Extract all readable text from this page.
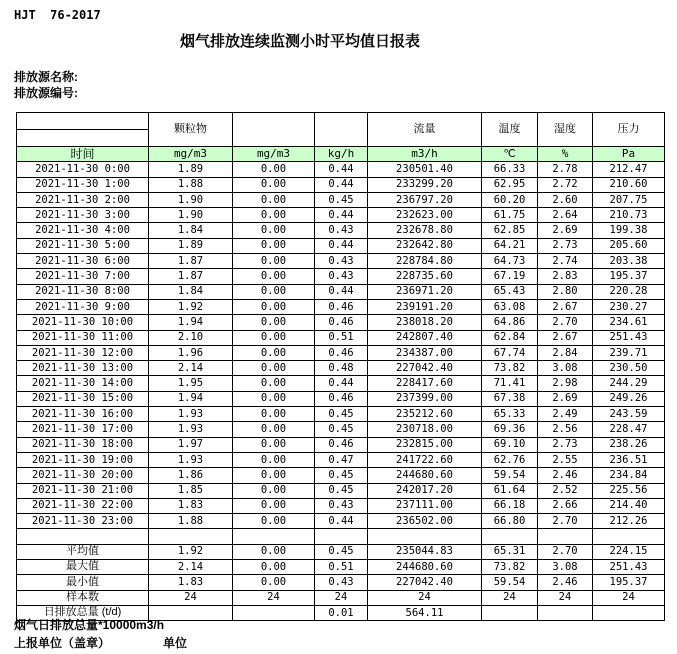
HJT  76-2017
烟气排放连续监测小时平均值日报表
排放源名称:
排放源编号:
	颗粒物			流量	温度	湿度	压力
时间	mg/m3	mg/m3	kg/h	m3/h	℃	%	Pa
2021-11-30 0:00	1.89	0.00	0.44	230501.40	66.33	2.78	212.47
2021-11-30 1:00	1.88	0.00	0.44	233299.20	62.95	2.72	210.60
2021-11-30 2:00	1.90	0.00	0.45	236797.20	60.20	2.60	207.75
2021-11-30 3:00	1.90	0.00	0.44	232623.00	61.75	2.64	210.73
2021-11-30 4:00	1.84	0.00	0.43	232678.80	62.85	2.69	199.38
2021-11-30 5:00	1.89	0.00	0.44	232642.80	64.21	2.73	205.60
2021-11-30 6:00	1.87	0.00	0.43	228784.80	64.73	2.74	203.38
2021-11-30 7:00	1.87	0.00	0.43	228735.60	67.19	2.83	195.37
2021-11-30 8:00	1.84	0.00	0.44	236971.20	65.43	2.80	220.28
2021-11-30 9:00	1.92	0.00	0.46	239191.20	63.08	2.67	230.27
2021-11-30 10:00	1.94	0.00	0.46	238018.20	64.86	2.70	234.61
2021-11-30 11:00	2.10	0.00	0.51	242807.40	62.84	2.67	251.43
2021-11-30 12:00	1.96	0.00	0.46	234387.00	67.74	2.84	239.71
2021-11-30 13:00	2.14	0.00	0.48	227042.40	73.82	3.08	230.50
2021-11-30 14:00	1.95	0.00	0.44	228417.60	71.41	2.98	244.29
2021-11-30 15:00	1.94	0.00	0.46	237399.00	67.38	2.69	249.26
2021-11-30 16:00	1.93	0.00	0.45	235212.60	65.33	2.49	243.59
2021-11-30 17:00	1.93	0.00	0.45	230718.00	69.36	2.56	228.47
2021-11-30 18:00	1.97	0.00	0.46	232815.00	69.10	2.73	238.26
2021-11-30 19:00	1.93	0.00	0.47	241722.60	62.76	2.55	236.51
2021-11-30 20:00	1.86	0.00	0.45	244680.60	59.54	2.46	234.84
2021-11-30 21:00	1.85	0.00	0.45	242017.20	61.64	2.52	225.56
2021-11-30 22:00	1.83	0.00	0.43	237111.00	66.18	2.66	214.40
2021-11-30 23:00	1.88	0.00	0.44	236502.00	66.80	2.70	212.26

平均值	1.92	0.00	0.45	235044.83	65.31	2.70	224.15
最大值	2.14	0.00	0.51	244680.60	73.82	3.08	251.43
最小值	1.83	0.00	0.43	227042.40	59.54	2.46	195.37
样本数	24	24	24	24	24	24	24
日排放总量 (t/d)			0.01	564.11			
烟气日排放总量*10000m3/h
上报单位（盖章）	单位
